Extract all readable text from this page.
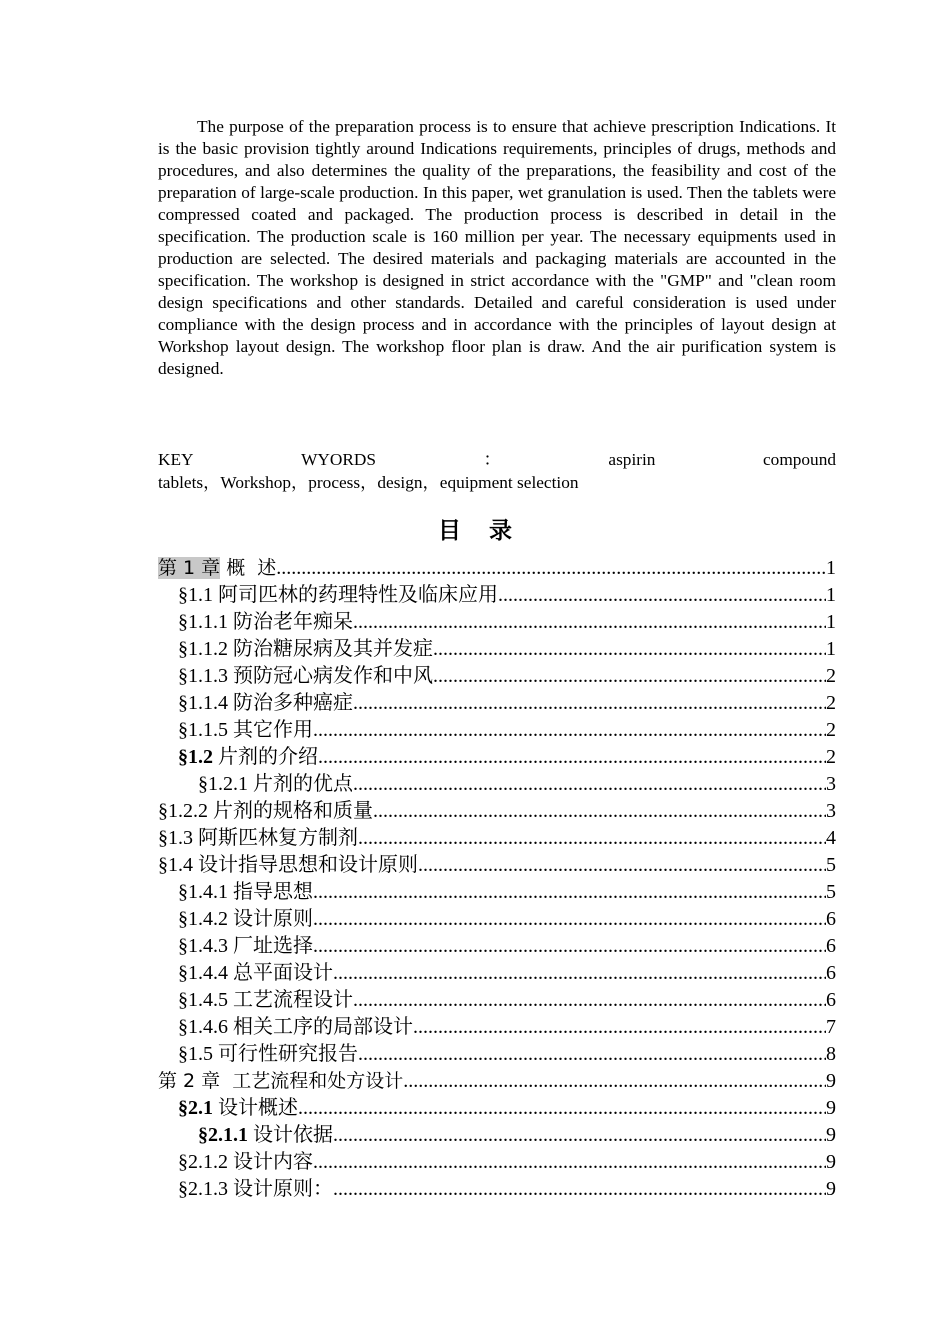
The purpose of the preparation process is to ensure that achieve prescription Indications. It is the basic provision tightly around Indications requirements, principles of drugs, methods and procedures, and also determines the quality of the preparations, the feasibility and cost of the preparation of large-scale production. In this paper, wet granulation is used. Then the tablets were compressed coated and packaged. The production process is described in detail in the specification. The production scale is 160 million per year. The necessary equipments used in production are selected. The desired materials and packaging materials are accounted in the specification. The workshop is designed in strict accordance with the "GMP" and "clean room design specifications and other standards. Detailed and careful consideration is used under compliance with the design process and in accordance with the principles of layout design at Workshop layout design. The workshop floor plan is draw. And the air purification system is designed.
KEY	WYORDS	：	aspirin	compound
tablets，Workshop，process，design，equipment selection
目录
第 1 章 概  述 .....	1
§1.1 阿司匹林的药理特性及临床应用 .....	1
§1.1.1 防治老年痴呆 .....	1
§1.1.2 防治糖尿病及其并发症 .....	1
§1.1.3 预防冠心病发作和中风 .....	2
§1.1.4 防治多种癌症 .....	2
§1.1.5 其它作用 .....	2
§1.2 片剂的介绍 .....	2
§1.2.1 片剂的优点 .....	3
§1.2.2 片剂的规格和质量 .....	3
§1.3 阿斯匹林复方制剂 .....	4
§1.4 设计指导思想和设计原则 .....	5
§1.4.1 指导思想 .....	5
§1.4.2 设计原则 .....	6
§1.4.3 厂址选择 .....	6
§1.4.4 总平面设计 .....	6
§1.4.5 工艺流程设计 .....	6
§1.4.6 相关工序的局部设计 .....	7
§1.5 可行性研究报告 .....	8
第 2 章  工艺流程和处方设计 .....	9
§2.1 设计概述 .....	9
§2.1.1 设计依据 .....	9
§2.1.2 设计内容 .....	9
§2.1.3 设计原则： .....	9
